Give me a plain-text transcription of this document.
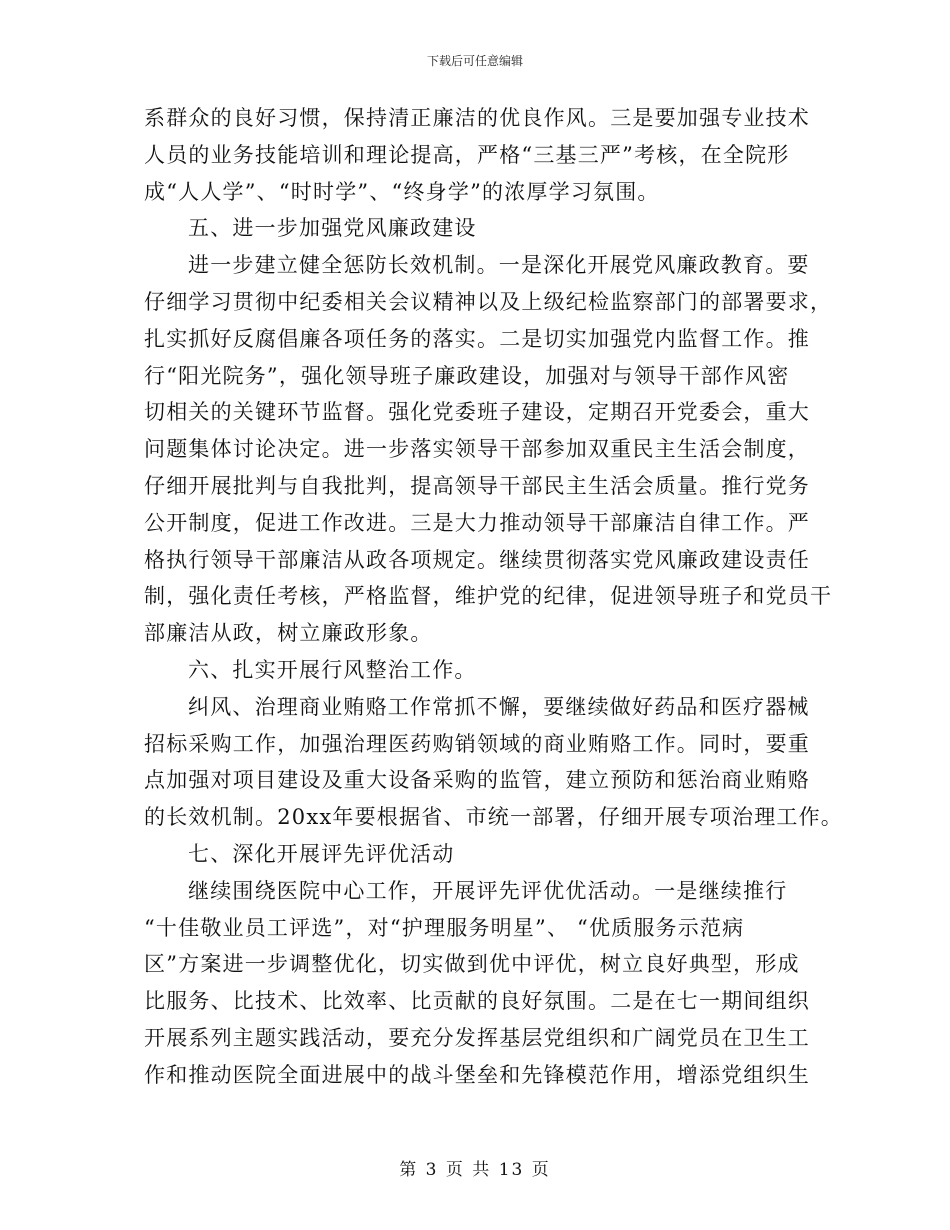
下载后可任意编辑
系群众的良好习惯，保持清正廉洁的优良作风。三是要加强专业技术
人员的业务技能培训和理论提高，严格“三基三严”考核，在全院形
成“人人学”、“时时学”、“终身学”的浓厚学习氛围。
五、进一步加强党风廉政建设
进一步建立健全惩防长效机制。一是深化开展党风廉政教育。要
仔细学习贯彻中纪委相关会议精神以及上级纪检监察部门的部署要求，
扎实抓好反腐倡廉各项任务的落实。二是切实加强党内监督工作。推
行“阳光院务”，强化领导班子廉政建设，加强对与领导干部作风密
切相关的关键环节监督。强化党委班子建设，定期召开党委会，重大
问题集体讨论决定。进一步落实领导干部参加双重民主生活会制度，
仔细开展批判与自我批判，提高领导干部民主生活会质量。推行党务
公开制度，促进工作改进。三是大力推动领导干部廉洁自律工作。严
格执行领导干部廉洁从政各项规定。继续贯彻落实党风廉政建设责任
制，强化责任考核，严格监督，维护党的纪律，促进领导班子和党员干
部廉洁从政，树立廉政形象。
六、扎实开展行风整治工作。
纠风、治理商业贿赂工作常抓不懈，要继续做好药品和医疗器械
招标采购工作，加强治理医药购销领域的商业贿赂工作。同时，要重
点加强对项目建设及重大设备采购的监管，建立预防和惩治商业贿赂
的长效机制。20xx年要根据省、市统一部署，仔细开展专项治理工作。
七、深化开展评先评优活动
继续围绕医院中心工作，开展评先评优优活动。一是继续推行
“十佳敬业员工评选”，对“护理服务明星”、 “优质服务示范病
区”方案进一步调整优化，切实做到优中评优，树立良好典型，形成
比服务、比技术、比效率、比贡献的良好氛围。二是在七一期间组织
开展系列主题实践活动，要充分发挥基层党组织和广阔党员在卫生工
作和推动医院全面进展中的战斗堡垒和先锋模范作用，增添党组织生
第 3 页 共 13 页
